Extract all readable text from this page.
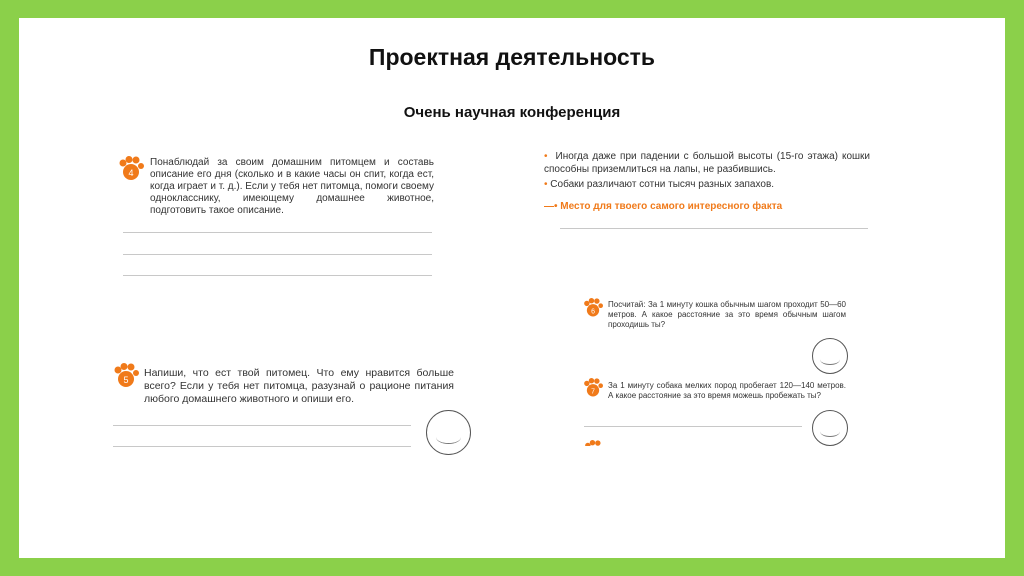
Проектная деятельность
Очень научная конференция
4
Понаблюдай за своим домашним питомцем и составь описание его дня (сколько и в какие часы он спит, когда ест, когда играет и т. д.). Если у тебя нет питомца, помоги своему однокласснику, имеющему домашнее животное, подготовить такое описание.
5
Напиши, что ест твой питомец. Что ему нравится больше всего? Если у тебя нет питомца, разузнай о рационе питания любого домашнего животного и опиши его.
• Иногда даже при падении с большой высоты (15-го этажа) кошки способны приземлиться на лапы, не разбившись.
• Собаки различают сотни тысяч разных запахов.
—• Место для твоего самого интересного факта
6
Посчитай: За 1 минуту кошка обычным шагом проходит 50—60 метров. А какое расстояние за это время обычным шагом проходишь ты?
7
За 1 минуту собака мелких пород пробегает 120—140 метров. А какое расстояние за это время можешь пробежать ты?
